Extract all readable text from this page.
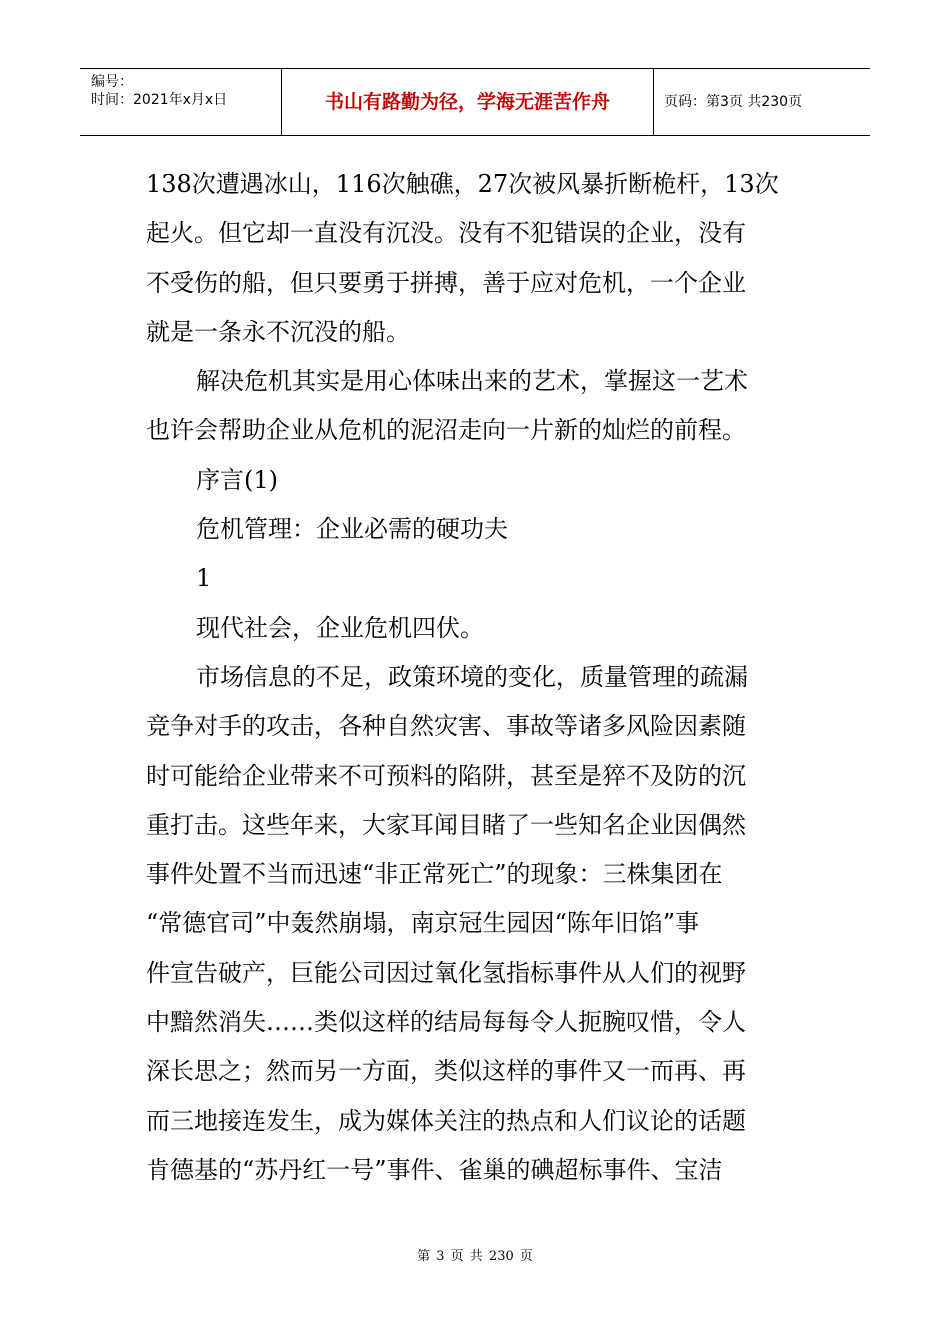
编号：
时间：2021年x月x日	书山有路勤为径，学海无涯苦作舟	页码：第3页 共230页
138次遭遇冰山，116次触礁，27次被风暴折断桅杆，13次
起火。但它却一直没有沉没。没有不犯错误的企业，没有
不受伤的船，但只要勇于拼搏，善于应对危机，一个企业
就是一条永不沉没的船。
解决危机其实是用心体味出来的艺术，掌握这一艺术
也许会帮助企业从危机的泥沼走向一片新的灿烂的前程。
序言(1)
危机管理：企业必需的硬功夫
1
现代社会，企业危机四伏。
市场信息的不足，政策环境的变化，质量管理的疏漏
竞争对手的攻击，各种自然灾害、事故等诸多风险因素随
时可能给企业带来不可预料的陷阱，甚至是猝不及防的沉
重打击。这些年来，大家耳闻目睹了一些知名企业因偶然
事件处置不当而迅速“非正常死亡”的现象：三株集团在
“常德官司”中轰然崩塌，南京冠生园因“陈年旧馅”事
件宣告破产，巨能公司因过氧化氢指标事件从人们的视野
中黯然消失……类似这样的结局每每令人扼腕叹惜，令人
深长思之；然而另一方面，类似这样的事件又一而再、再
而三地接连发生，成为媒体关注的热点和人们议论的话题
肯德基的“苏丹红一号”事件、雀巢的碘超标事件、宝洁
第 3 页 共 230 页
